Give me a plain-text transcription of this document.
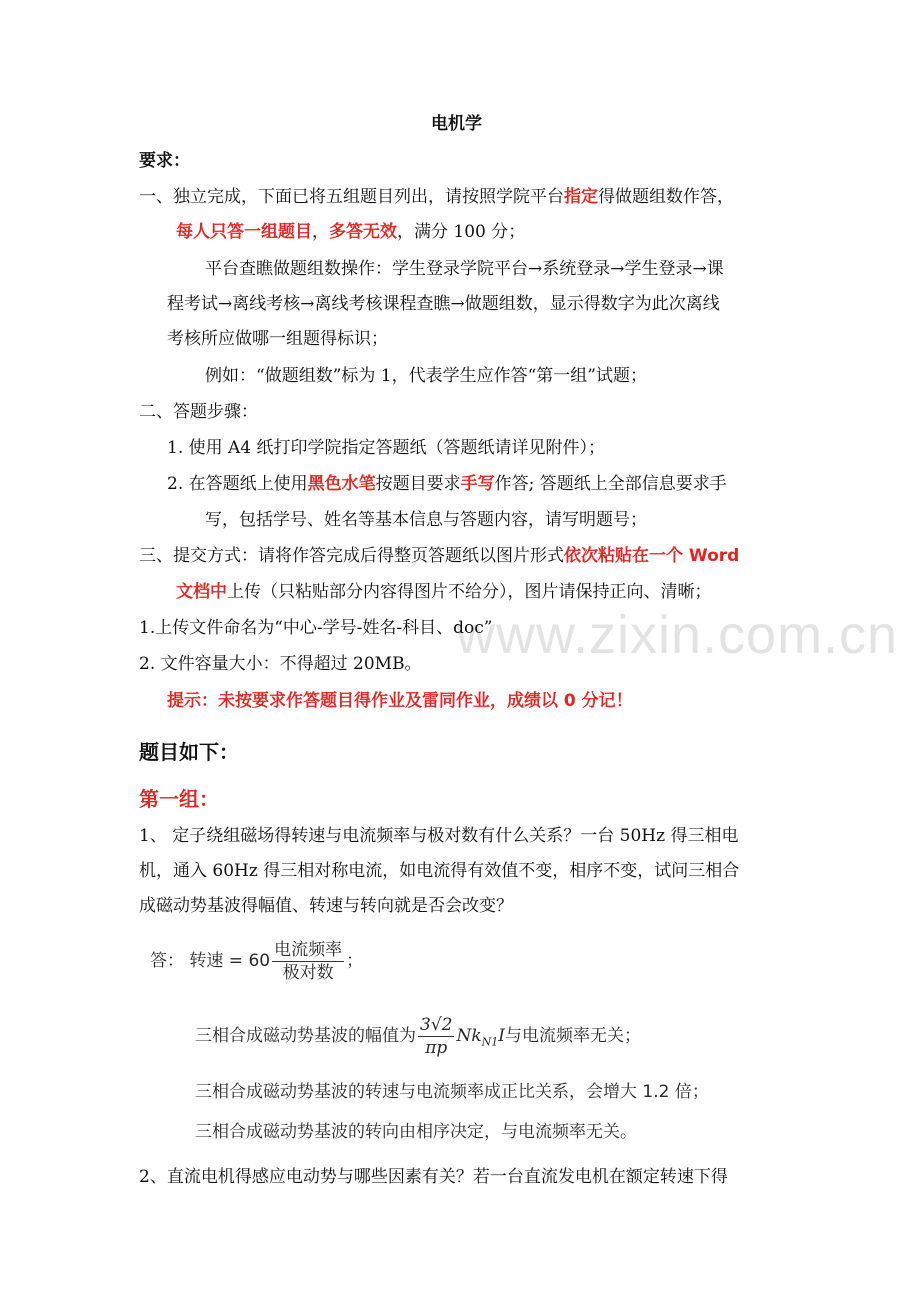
www.zixin.com.cn
电机学
要求：
一、独立完成，下面已将五组题目列出，请按照学院平台指定得做题组数作答，
每人只答一组题目，多答无效，满分 100 分；
平台查瞧做题组数操作：学生登录学院平台→系统登录→学生登录→课
程考试→离线考核→离线考核课程查瞧→做题组数，显示得数字为此次离线
考核所应做哪一组题得标识；
例如：“做题组数”标为 1，代表学生应作答“第一组”试题；
二、答题步骤：
1. 使用 A4 纸打印学院指定答题纸（答题纸请详见附件）；
2. 在答题纸上使用黑色水笔按题目要求手写作答; 答题纸上全部信息要求手
写，包括学号、姓名等基本信息与答题内容，请写明题号；
三、提交方式：请将作答完成后得整页答题纸以图片形式依次粘贴在一个 Word
文档中上传（只粘贴部分内容得图片不给分），图片请保持正向、清晰；
1.上传文件命名为“中心-学号-姓名-科目、doc”
2. 文件容量大小：不得超过 20MB。
提示：未按要求作答题目得作业及雷同作业，成绩以 0 分记！
题目如下：
第一组：
1、 定子绕组磁场得转速与电流频率与极对数有什么关系？一台 50Hz 得三相电
机，通入 60Hz 得三相对称电流，如电流得有效值不变，相序不变，试问三相合
成磁动势基波得幅值、转速与转向就是否会改变？
答： 转速 = $60 \frac{\text{电流频率}}{\text{极对数}}$ ；
三相合成磁动势基波的幅值为 $\frac{3√2}{\pi p} Nk_{N1}I$与电流频率无关；
三相合成磁动势基波的转速与电流频率成正比关系，会增大 1.2 倍；
三相合成磁动势基波的转向由相序决定，与电流频率无关。
2、直流电机得感应电动势与哪些因素有关？若一台直流发电机在额定转速下得
